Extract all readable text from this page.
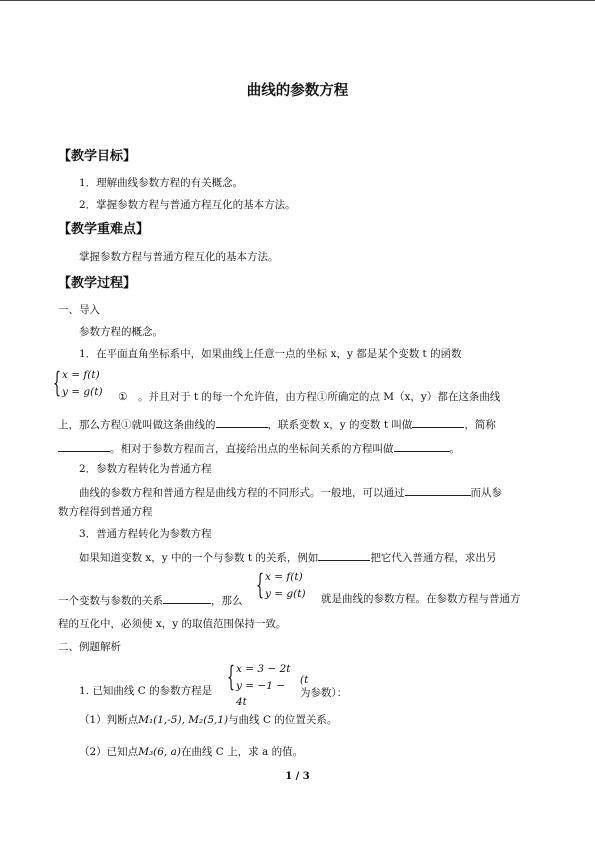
曲线的参数方程
【教学目标】
1．理解曲线参数方程的有关概念。
2．掌握参数方程与普通方程互化的基本方法。
【教学重难点】
掌握参数方程与普通方程互化的基本方法。
【教学过程】
一、导入
参数方程的概念。
1．在平面直角坐标系中，如果曲线上任意一点的坐标 x，y 都是某个变数 t 的函数
{ x = f(t)
y = g(t) ① 。并且对于 t 的每一个允许值，由方程①所确定的点 M（x，y）都在这条曲线
上，那么方程①就叫做这条曲线的	，联系变数 x，y 的变数 t 叫做	，简称
。相对于参数方程而言，直接给出点的坐标间关系的方程叫做	。
2．参数方程转化为普通方程
曲线的参数方程和普通方程是曲线方程的不同形式。一般地，可以通过	而从参
数方程得到普通方程
3．普通方程转化为参数方程
如果知道变数 x，y 中的一个与参数 t 的关系，例如	把它代入普通方程，求出另
{ x = f(t)
y = g(t)
一个变数与参数的关系	，那么	就是曲线的参数方程。在参数方程与普通方
程的互化中，必须使 x，y 的取值范围保持一致。
二、例题解析
{ x = 3 − 2t
y = −1 − 4t
1. 已知曲线 C 的参数方程是
(t
为参数）：
（1）判断点M₁(1,-5), M₂(5,1)与曲线 C 的位置关系。
（2）已知点M₃(6, a)在曲线 C 上，求 a 的值。
1 / 3
